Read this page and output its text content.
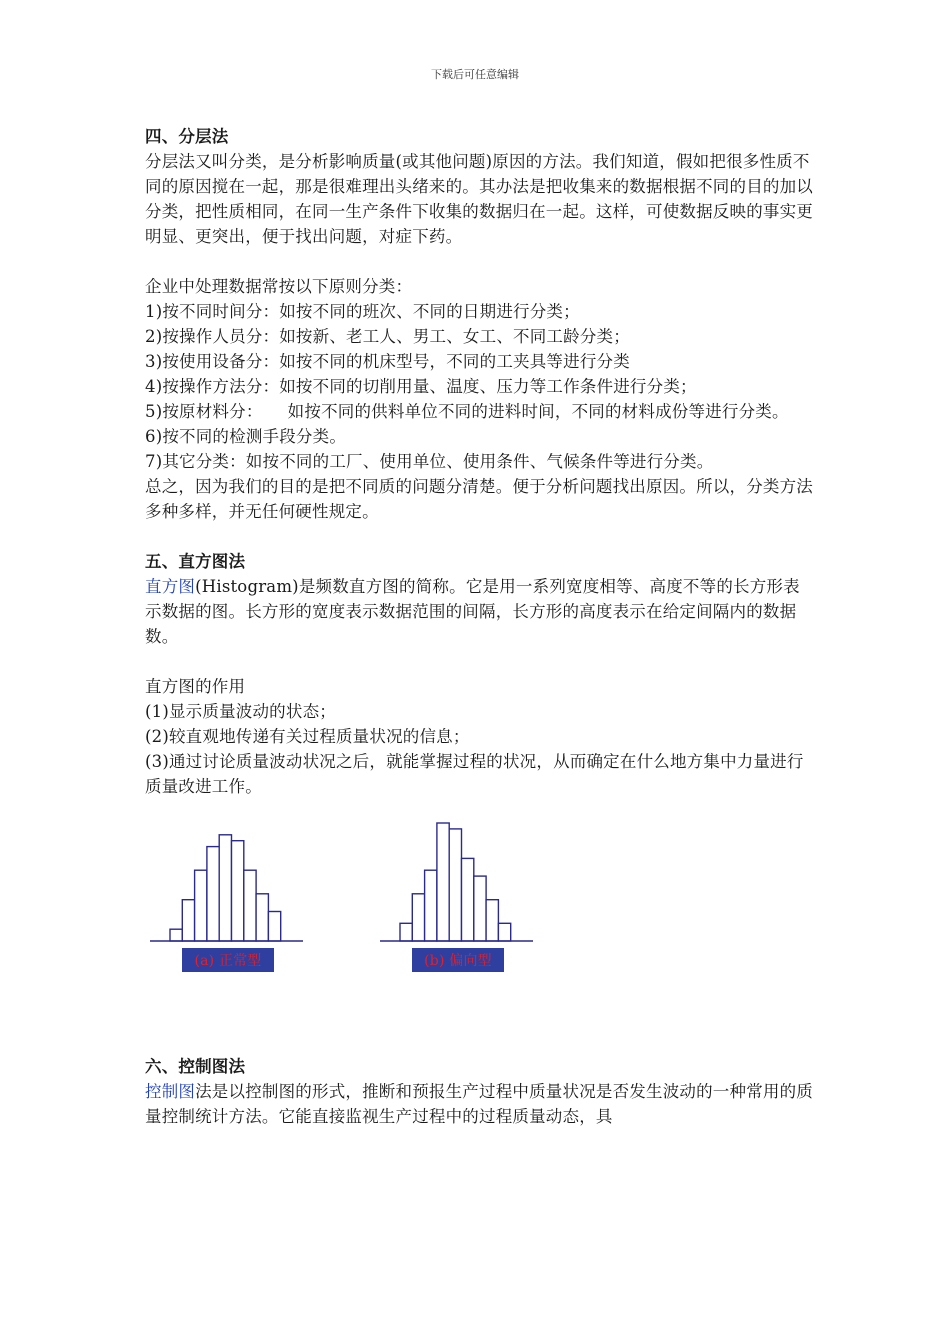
下载后可任意编辑

四、分层法

分层法又叫分类，是分析影响质量(或其他问题)原因的方法。我们知道，假如把很多性质不同的原因搅在一起，那是很难理出头绪来的。其办法是把收集来的数据根据不同的目的加以分类，把性质相同，在同一生产条件下收集的数据归在一起。这样，可使数据反映的事实更明显、更突出，便于找出问题，对症下药。

企业中处理数据常按以下原则分类：

1)按不同时间分：如按不同的班次、不同的日期进行分类；

2)按操作人员分：如按新、老工人、男工、女工、不同工龄分类；

3)按使用设备分：如按不同的机床型号，不同的工夹具等进行分类

4)按操作方法分：如按不同的切削用量、温度、压力等工作条件进行分类；

5)按原材料分：　　如按不同的供料单位不同的进料时间，不同的材料成份等进行分类。

6)按不同的检测手段分类。

7)其它分类：如按不同的工厂、使用单位、使用条件、气候条件等进行分类。

总之，因为我们的目的是把不同质的问题分清楚。便于分析问题找出原因。所以，分类方法多种多样，并无任何硬性规定。

五、直方图法

直方图(Histogram)是频数直方图的简称。它是用一系列宽度相等、高度不等的长方形表示数据的图。长方形的宽度表示数据范围的间隔，长方形的高度表示在给定间隔内的数据数。

直方图的作用

(1)显示质量波动的状态；

(2)较直观地传递有关过程质量状况的信息；

(3)通过讨论质量波动状况之后，就能掌握过程的状况，从而确定在什么地方集中力量进行质量改进工作。

(a) 正常型	(b) 偏向型

六、控制图法

控制图法是以控制图的形式，推断和预报生产过程中质量状况是否发生波动的一种常用的质量控制统计方法。它能直接监视生产过程中的过程质量动态，具
